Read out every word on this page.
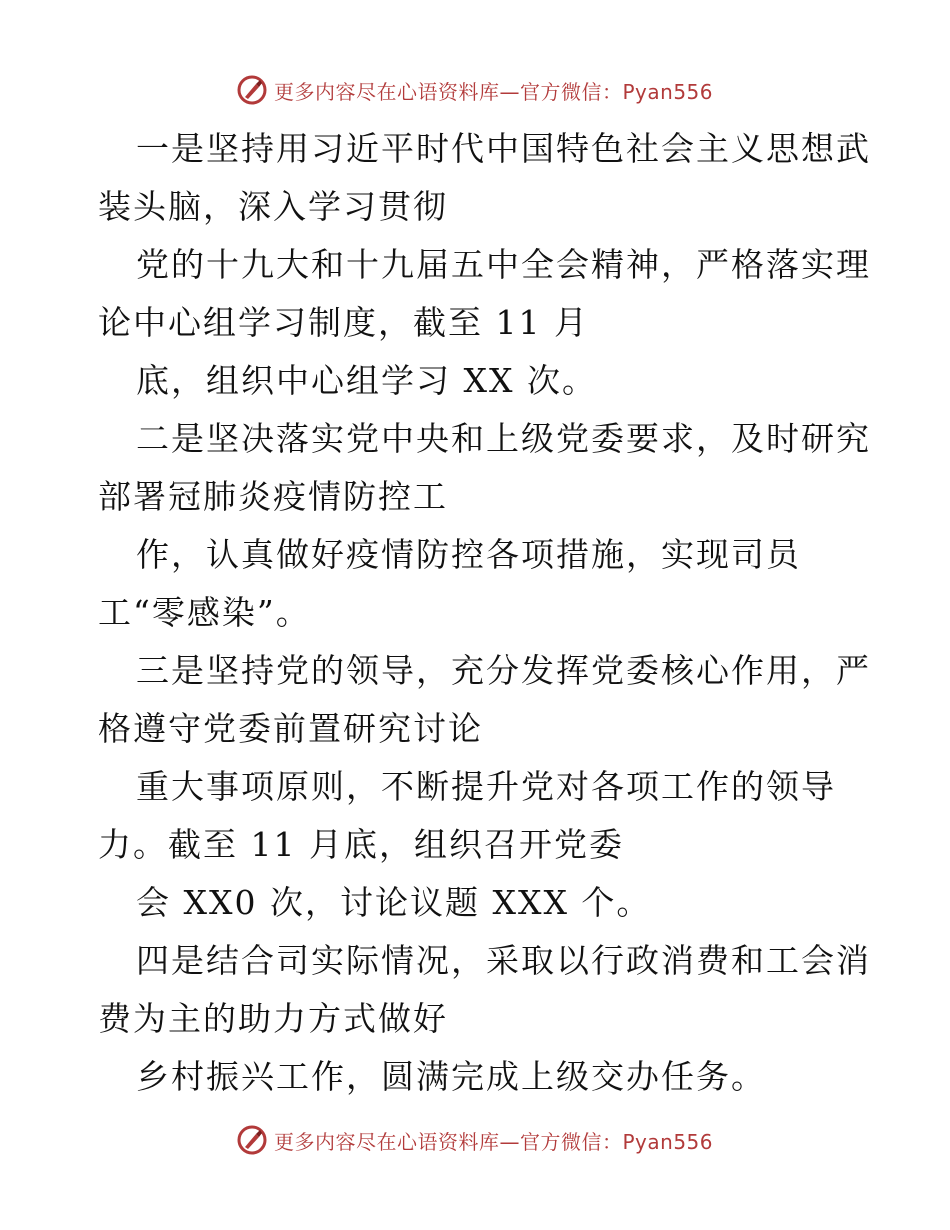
更多内容尽在心语资料库—官方微信：Pyan556
一是坚持用习近平时代中国特色社会主义思想武
装头脑，深入学习贯彻
党的十九大和十九届五中全会精神，严格落实理
论中心组学习制度，截至 11 月
底，组织中心组学习 XX 次。
二是坚决落实党中央和上级党委要求，及时研究
部署冠肺炎疫情防控工
作，认真做好疫情防控各项措施，实现司员
工“零感染”。
三是坚持党的领导，充分发挥党委核心作用，严
格遵守党委前置研究讨论
重大事项原则，不断提升党对各项工作的领导
力。截至 11 月底，组织召开党委
会 XX0 次，讨论议题 XXX 个。
四是结合司实际情况，采取以行政消费和工会消
费为主的助力方式做好
乡村振兴工作，圆满完成上级交办任务。
更多内容尽在心语资料库—官方微信：Pyan556
